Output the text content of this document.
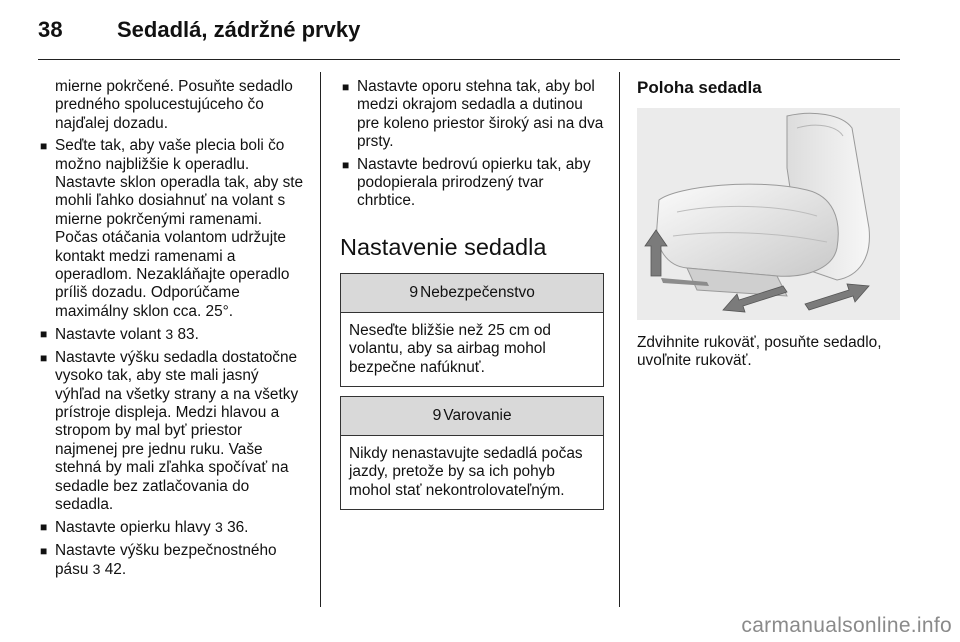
38 Sedadlá, zádržné prvky

mierne pokrčené. Posuňte sedadlo predného spolucestujúceho čo najďalej dozadu.

■ Seďte tak, aby vaše plecia boli čo možno najbližšie k operadlu. Nastavte sklon operadla tak, aby ste mohli ľahko dosiahnuť na volant s mierne pokrčenými ramenami. Počas otáčania volantom udržujte kontakt medzi ramenami a operadlom. Nezakláňajte operadlo príliš dozadu. Odporúčame maximálny sklon cca. 25°.
■ Nastavte volant 3 83.
■ Nastavte výšku sedadla dostatočne vysoko tak, aby ste mali jasný výhľad na všetky strany a na všetky prístroje displeja. Medzi hlavou a stropom by mal byť priestor najmenej pre jednu ruku. Vaše stehná by mali zľahka spočívať na sedadle bez zatlačovania do sedadla.
■ Nastavte opierku hlavy 3 36.
■ Nastavte výšku bezpečnostného pásu 3 42.
■ Nastavte oporu stehna tak, aby bol medzi okrajom sedadla a dutinou pre koleno priestor široký asi na dva prsty.
■ Nastavte bedrovú opierku tak, aby podopierala prirodzený tvar chrbtice.
Nastavenie sedadla
9 Nebezpečenstvo
Neseďte bližšie než 25 cm od volantu, aby sa airbag mohol bezpečne nafúknuť.
9 Varovanie
Nikdy nenastavujte sedadlá počas jazdy, pretože by sa ich pohyb mohol stať nekontrolovateľným.
Poloha sedadla

Zdvihnite rukoväť, posuňte sedadlo, uvoľnite rukoväť.

carmanualsonline.info
